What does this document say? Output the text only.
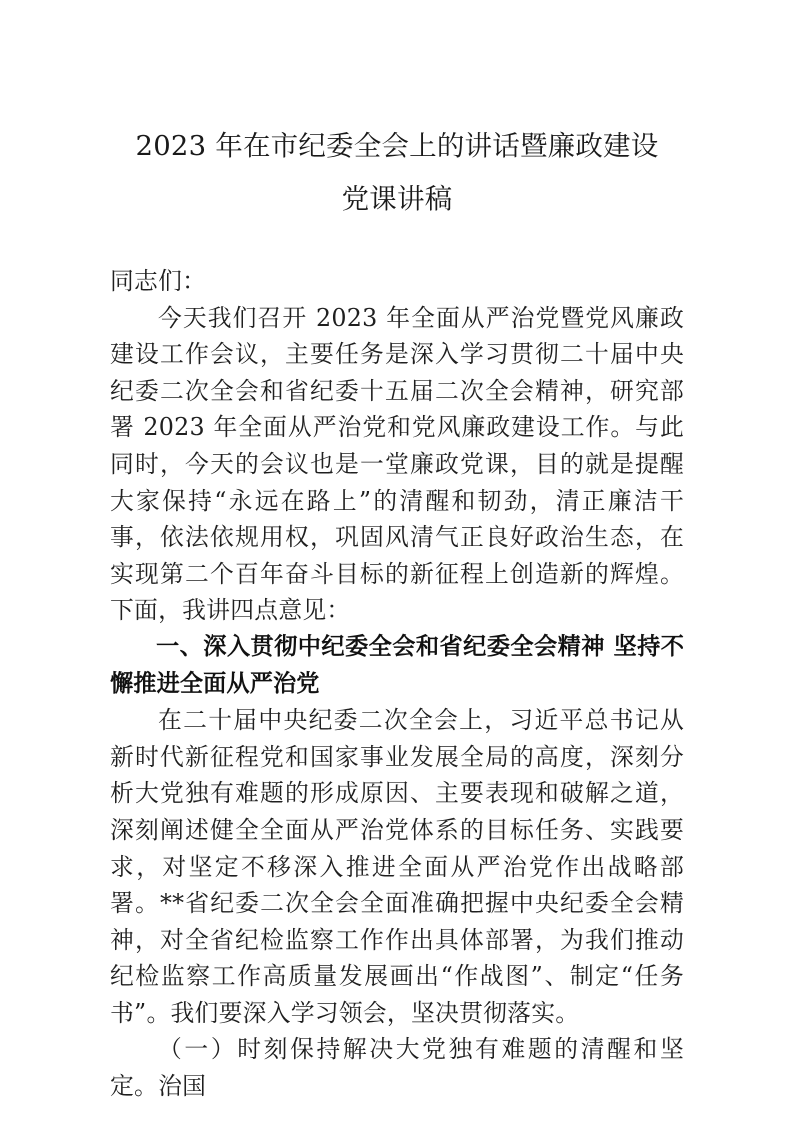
2023 年在市纪委全会上的讲话暨廉政建设
党课讲稿

同志们：

今天我们召开 2023 年全面从严治党暨党风廉政建设工作会议，主要任务是深入学习贯彻二十届中央纪委二次全会和省纪委十五届二次全会精神，研究部署 2023 年全面从严治党和党风廉政建设工作。与此同时，今天的会议也是一堂廉政党课，目的就是提醒大家保持“永远在路上”的清醒和韧劲，清正廉洁干事，依法依规用权，巩固风清气正良好政治生态，在实现第二个百年奋斗目标的新征程上创造新的辉煌。下面，我讲四点意见：

一、深入贯彻中纪委全会和省纪委全会精神 坚持不懈推进全面从严治党

在二十届中央纪委二次全会上，习近平总书记从新时代新征程党和国家事业发展全局的高度，深刻分析大党独有难题的形成原因、主要表现和破解之道，深刻阐述健全全面从严治党体系的目标任务、实践要求，对坚定不移深入推进全面从严治党作出战略部署。**省纪委二次全会全面准确把握中央纪委全会精神，对全省纪检监察工作作出具体部署，为我们推动纪检监察工作高质量发展画出“作战图”、制定“任务书”。我们要深入学习领会，坚决贯彻落实。

（一）时刻保持解决大党独有难题的清醒和坚定。治国
